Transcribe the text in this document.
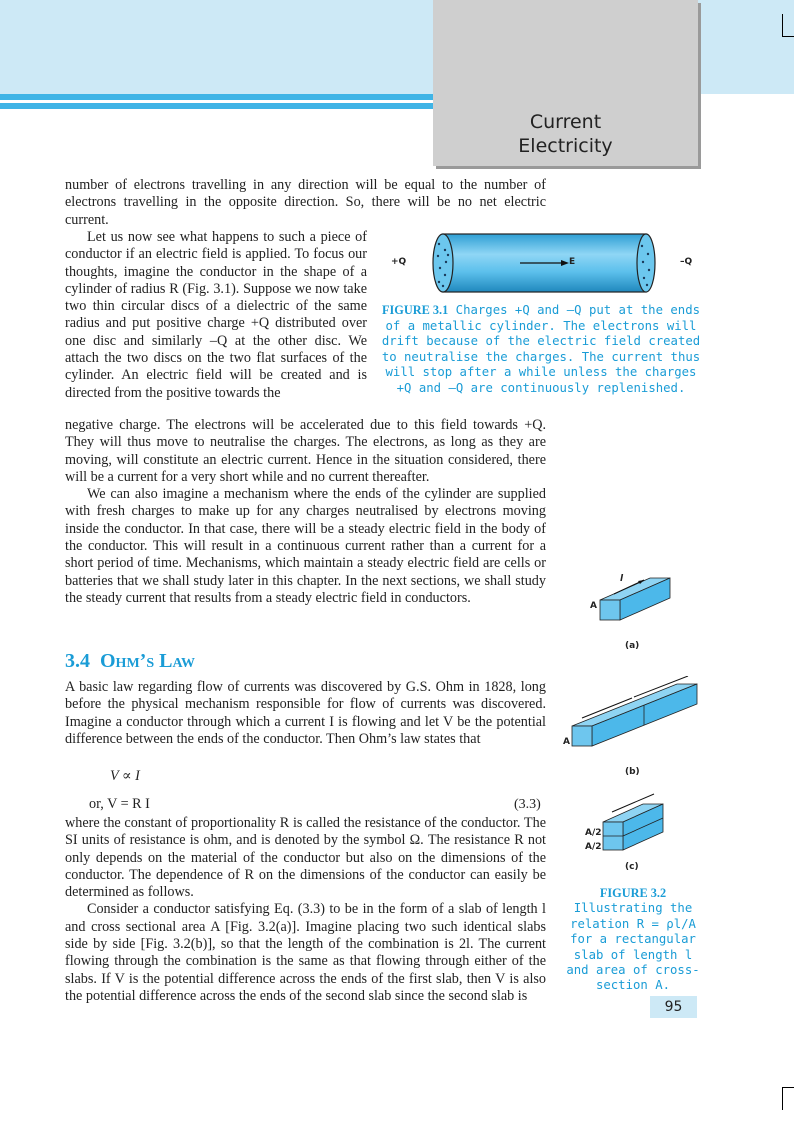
Current
Electricity

number of electrons travelling in any direction will be equal to the number of electrons travelling in the opposite direction. So, there will be no net electric current.

Let us now see what happens to such a piece of conductor if an electric field is applied. To focus our thoughts, imagine the conductor in the shape of a cylinder of radius R (Fig. 3.1). Suppose we now take two thin circular discs of a dielectric of the same radius and put positive charge +Q distributed over one disc and similarly –Q at the other disc. We attach the two discs on the two flat surfaces of the cylinder. An electric field will be created and is directed from the positive towards the

negative charge. The electrons will be accelerated due to this field towards +Q. They will thus move to neutralise the charges. The electrons, as long as they are moving, will constitute an electric current. Hence in the situation considered, there will be a current for a very short while and no current thereafter.

We can also imagine a mechanism where the ends of the cylinder are supplied with fresh charges to make up for any charges neutralised by electrons moving inside the conductor. In that case, there will be a steady electric field in the body of the conductor. This will result in a continuous current rather than a current for a short period of time. Mechanisms, which maintain a steady electric field are cells or batteries that we shall study later in this chapter. In the next sections, we shall study the steady current that results from a steady electric field in conductors.

3.4 Ohm’s Law

A basic law regarding flow of currents was discovered by G.S. Ohm in 1828, long before the physical mechanism responsible for flow of currents was discovered. Imagine a conductor through which a current I is flowing and let V be the potential difference between the ends of the conductor. Then Ohm’s law states that

V ∝ I
or, V = R I	(3.3)

where the constant of proportionality R is called the resistance of the conductor. The SI units of resistance is ohm, and is denoted by the symbol Ω. The resistance R not only depends on the material of the conductor but also on the dimensions of the conductor. The dependence of R on the dimensions of the conductor can easily be determined as follows.

Consider a conductor satisfying Eq. (3.3) to be in the form of a slab of length l and cross sectional area A [Fig. 3.2(a)]. Imagine placing two such identical slabs side by side [Fig. 3.2(b)], so that the length of the combination is 2l. The current flowing through the combination is the same as that flowing through either of the slabs. If V is the potential difference across the ends of the first slab, then V is also the potential difference across the ends of the second slab since the second slab is

+Q	–Q
E
FIGURE 3.1 Charges +Q and –Q put at the ends of a metallic cylinder. The electrons will drift because of the electric field created to neutralise the charges. The current thus will stop after a while unless the charges +Q and –Q are continuously replenished.
A
l
(a)
A
(b)
A/2
A/2
(c)
FIGURE 3.2
Illustrating the relation R = ρl/A for a rectangular slab of length l and area of cross-section A.
95
